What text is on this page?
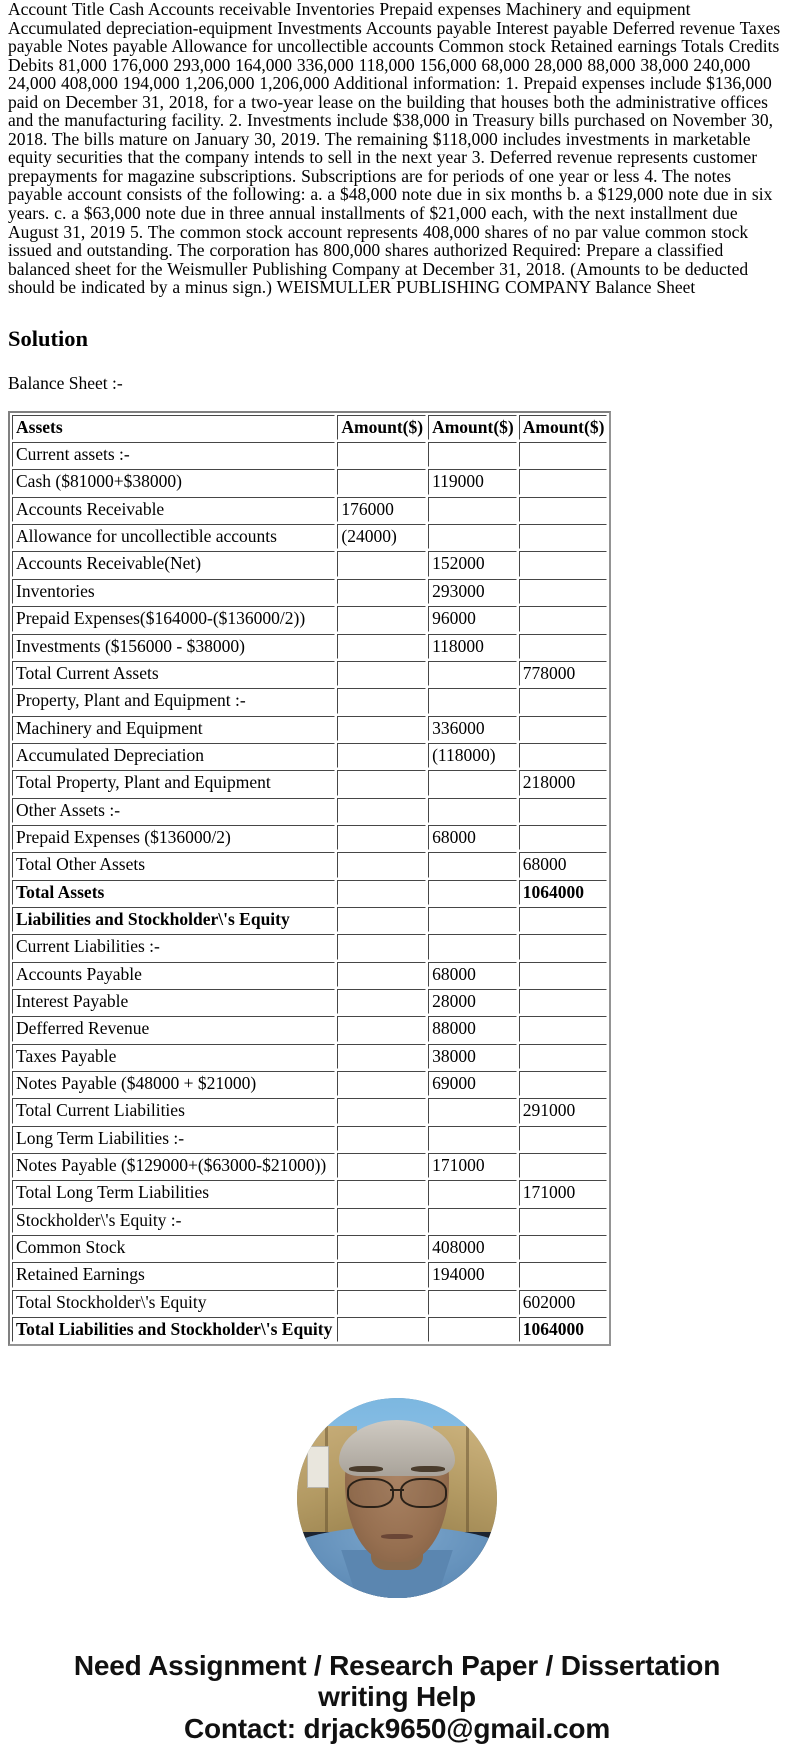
Account Title Cash Accounts receivable Inventories Prepaid expenses Machinery and equipment Accumulated depreciation-equipment Investments Accounts payable Interest payable Deferred revenue Taxes payable Notes payable Allowance for uncollectible accounts Common stock Retained earnings Totals Credits Debits 81,000 176,000 293,000 164,000 336,000 118,000 156,000 68,000 28,000 88,000 38,000 240,000 24,000 408,000 194,000 1,206,000 1,206,000 Additional information: 1. Prepaid expenses include $136,000 paid on December 31, 2018, for a two-year lease on the building that houses both the administrative offices and the manufacturing facility. 2. Investments include $38,000 in Treasury bills purchased on November 30, 2018. The bills mature on January 30, 2019. The remaining $118,000 includes investments in marketable equity securities that the company intends to sell in the next year 3. Deferred revenue represents customer prepayments for magazine subscriptions. Subscriptions are for periods of one year or less 4. The notes payable account consists of the following: a. a $48,000 note due in six months b. a $129,000 note due in six years. c. a $63,000 note due in three annual installments of $21,000 each, with the next installment due August 31, 2019 5. The common stock account represents 408,000 shares of no par value common stock issued and outstanding. The corporation has 800,000 shares authorized Required: Prepare a classified balanced sheet for the Weismuller Publishing Company at December 31, 2018. (Amounts to be deducted should be indicated by a minus sign.) WEISMULLER PUBLISHING COMPANY Balance Sheet

Solution

Balance Sheet :-

Assets	Amount($)	Amount($)	Amount($)
Current assets :-			
Cash ($81000+$38000)		119000	
Accounts Receivable	176000		
Allowance for uncollectible accounts	(24000)		
Accounts Receivable(Net)		152000	
Inventories		293000	
Prepaid Expenses($164000-($136000/2))		96000	
Investments ($156000 - $38000)		118000	
Total Current Assets			778000
Property, Plant and Equipment :-			
Machinery and Equipment		336000	
Accumulated Depreciation		(118000)	
Total Property, Plant and Equipment			218000
Other Assets :-			
Prepaid Expenses ($136000/2)		68000	
Total Other Assets			68000
Total Assets			1064000
Liabilities and Stockholder\'s Equity			
Current Liabilities :-			
Accounts Payable		68000	
Interest Payable		28000	
Defferred Revenue		88000	
Taxes Payable		38000	
Notes Payable ($48000 + $21000)		69000	
Total Current Liabilities			291000
Long Term Liabilities :-			
Notes Payable ($129000+($63000-$21000))		171000	
Total Long Term Liabilities			171000
Stockholder\'s Equity :-			
Common Stock		408000	
Retained Earnings		194000	
Total Stockholder\'s Equity			602000
Total Liabilities and Stockholder\'s Equity			1064000
Need Assignment / Research Paper / Dissertation
writing Help
Contact: drjack9650@gmail.com
